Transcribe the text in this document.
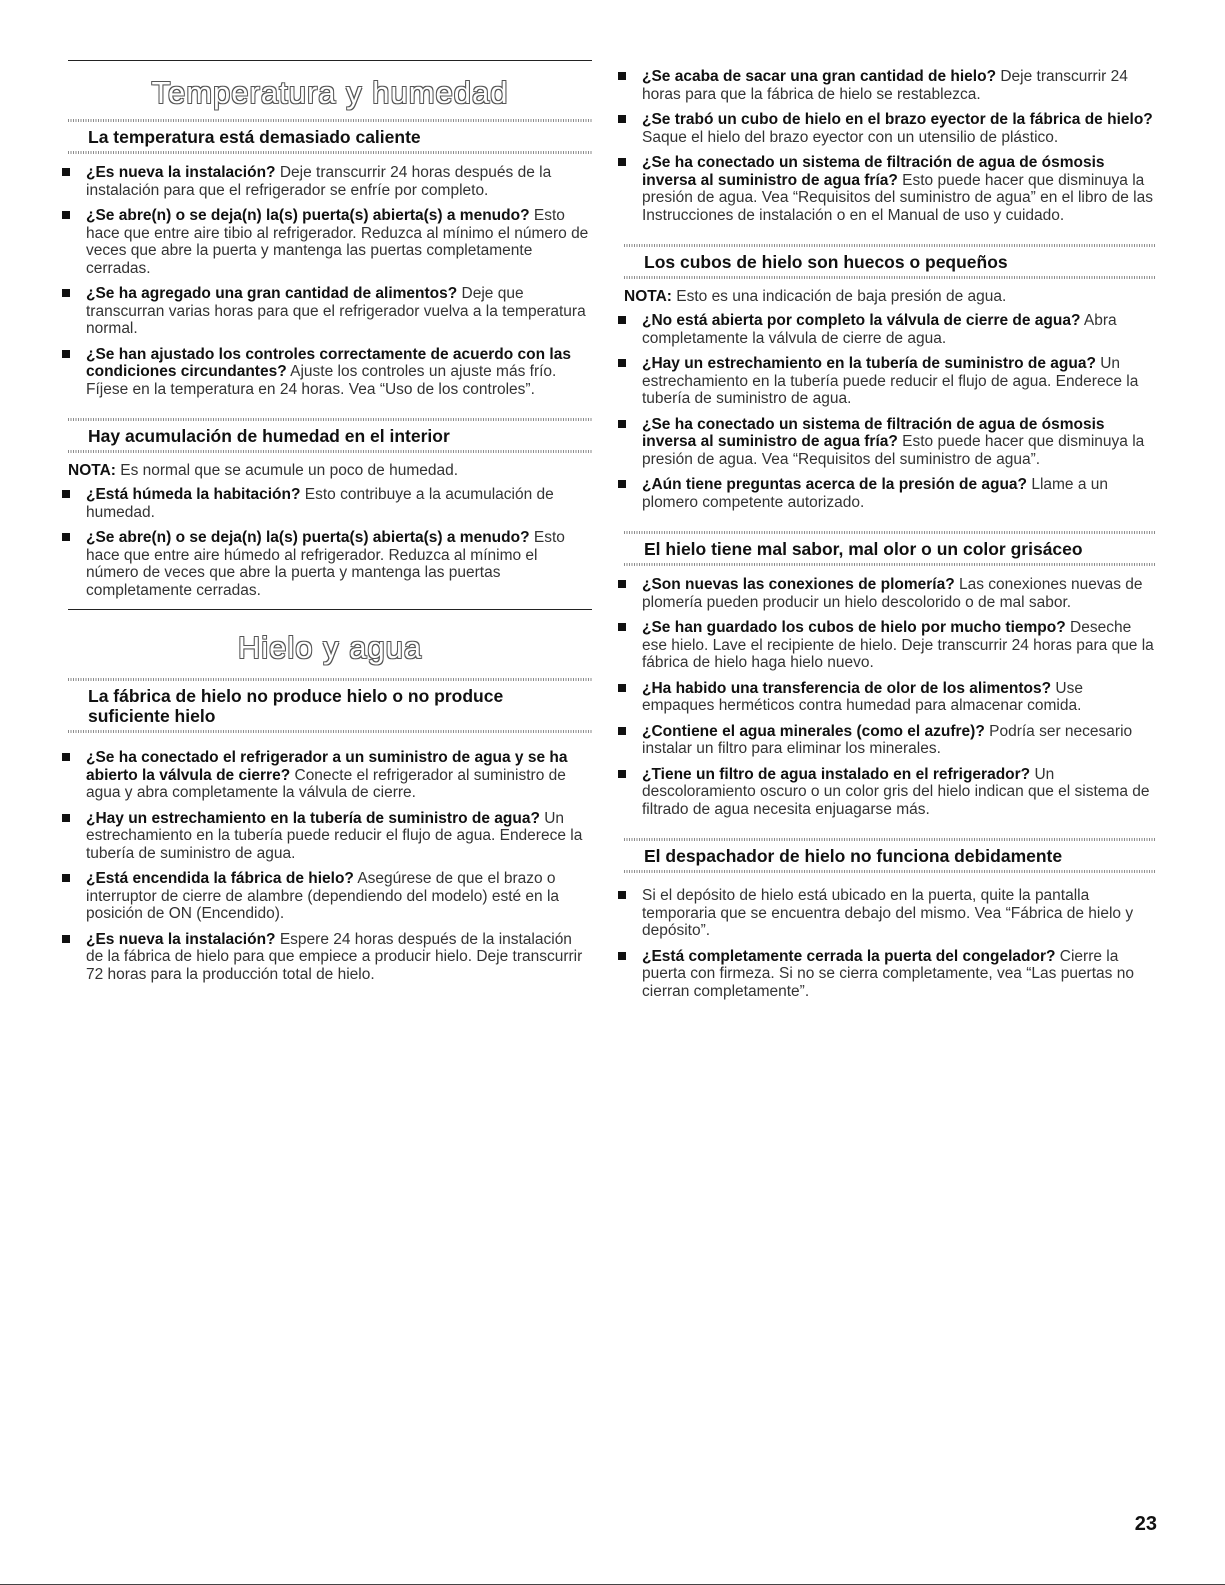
Temperatura y humedad
La temperatura está demasiado caliente
¿Es nueva la instalación? Deje transcurrir 24 horas después de la instalación para que el refrigerador se enfríe por completo.
¿Se abre(n) o se deja(n) la(s) puerta(s) abierta(s) a menudo? Esto hace que entre aire tibio al refrigerador. Reduzca al mínimo el número de veces que abre la puerta y mantenga las puertas completamente cerradas.
¿Se ha agregado una gran cantidad de alimentos? Deje que transcurran varias horas para que el refrigerador vuelva a la temperatura normal.
¿Se han ajustado los controles correctamente de acuerdo con las condiciones circundantes? Ajuste los controles un ajuste más frío. Fíjese en la temperatura en 24 horas. Vea “Uso de los controles”.
Hay acumulación de humedad en el interior
NOTA: Es normal que se acumule un poco de humedad.
¿Está húmeda la habitación? Esto contribuye a la acumulación de humedad.
¿Se abre(n) o se deja(n) la(s) puerta(s) abierta(s) a menudo? Esto hace que entre aire húmedo al refrigerador. Reduzca al mínimo el número de veces que abre la puerta y mantenga las puertas completamente cerradas.
Hielo y agua
La fábrica de hielo no produce hielo o no produce suficiente hielo
¿Se ha conectado el refrigerador a un suministro de agua y se ha abierto la válvula de cierre? Conecte el refrigerador al suministro de agua y abra completamente la válvula de cierre.
¿Hay un estrechamiento en la tubería de suministro de agua? Un estrechamiento en la tubería puede reducir el flujo de agua. Enderece la tubería de suministro de agua.
¿Está encendida la fábrica de hielo? Asegúrese de que el brazo o interruptor de cierre de alambre (dependiendo del modelo) esté en la posición de ON (Encendido).
¿Es nueva la instalación? Espere 24 horas después de la instalación de la fábrica de hielo para que empiece a producir hielo. Deje transcurrir 72 horas para la producción total de hielo.
¿Se acaba de sacar una gran cantidad de hielo? Deje transcurrir 24 horas para que la fábrica de hielo se restablezca.
¿Se trabó un cubo de hielo en el brazo eyector de la fábrica de hielo? Saque el hielo del brazo eyector con un utensilio de plástico.
¿Se ha conectado un sistema de filtración de agua de ósmosis inversa al suministro de agua fría? Esto puede hacer que disminuya la presión de agua. Vea “Requisitos del suministro de agua” en el libro de las Instrucciones de instalación o en el Manual de uso y cuidado.
Los cubos de hielo son huecos o pequeños
NOTA: Esto es una indicación de baja presión de agua.
¿No está abierta por completo la válvula de cierre de agua? Abra completamente la válvula de cierre de agua.
¿Hay un estrechamiento en la tubería de suministro de agua? Un estrechamiento en la tubería puede reducir el flujo de agua. Enderece la tubería de suministro de agua.
¿Se ha conectado un sistema de filtración de agua de ósmosis inversa al suministro de agua fría? Esto puede hacer que disminuya la presión de agua. Vea “Requisitos del suministro de agua”.
¿Aún tiene preguntas acerca de la presión de agua? Llame a un plomero competente autorizado.
El hielo tiene mal sabor, mal olor o un color grisáceo
¿Son nuevas las conexiones de plomería? Las conexiones nuevas de plomería pueden producir un hielo descolorido o de mal sabor.
¿Se han guardado los cubos de hielo por mucho tiempo? Deseche ese hielo. Lave el recipiente de hielo. Deje transcurrir 24 horas para que la fábrica de hielo haga hielo nuevo.
¿Ha habido una transferencia de olor de los alimentos? Use empaques herméticos contra humedad para almacenar comida.
¿Contiene el agua minerales (como el azufre)? Podría ser necesario instalar un filtro para eliminar los minerales.
¿Tiene un filtro de agua instalado en el refrigerador? Un descoloramiento oscuro o un color gris del hielo indican que el sistema de filtrado de agua necesita enjuagarse más.
El despachador de hielo no funciona debidamente
Si el depósito de hielo está ubicado en la puerta, quite la pantalla temporaria que se encuentra debajo del mismo. Vea “Fábrica de hielo y depósito”.
¿Está completamente cerrada la puerta del congelador? Cierre la puerta con firmeza. Si no se cierra completamente, vea “Las puertas no cierran completamente”.
23
